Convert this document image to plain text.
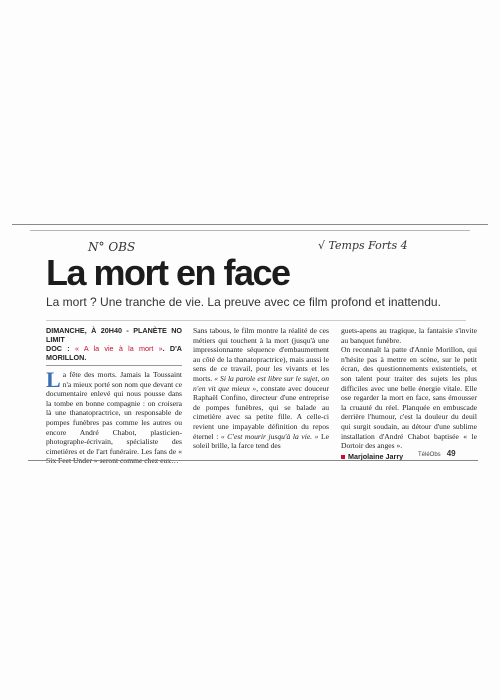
N° OBS	√ Temps Forts 4
La mort en face

La mort ? Une tranche de vie. La preuve avec ce film profond et inattendu.

DIMANCHE, À 20H40 - PLANÈTE NO LIMIT
DOC : « A la vie à la mort ». D'A MORILLON.

La fête des morts. Jamais la Toussaint n'a mieux porté son nom que devant ce documentaire enlevé qui nous pousse dans la tombe en bonne compagnie : on croisera là une thanatopractrice, un responsable de pompes funèbres pas comme les autres ou encore André Chabot, plasticien-photographe-écrivain, spécialiste des cimetières et de l'art funéraire. Les fans de « Six Feet Under » seront comme chez eux…

Sans tabous, le film montre la réalité de ces métiers qui touchent à la mort (jusqu'à une impressionnante séquence d'embaumement au côté de la thanatopractrice), mais aussi le sens de ce travail, pour les vivants et les morts. « Si la parole est libre sur le sujet, on n'en vit que mieux », constate avec douceur Raphaël Confino, directeur d'une entreprise de pompes funèbres, qui se balade au cimetière avec sa petite fille. A celle-ci revient une impayable définition du repos éternel : « C'est mourir jusqu'à la vie. » Le soleil brille, la farce tend des

guets-apens au tragique, la fantaisie s'invite au banquet funèbre.

On reconnaît la patte d'Annie Morillon, qui n'hésite pas à mettre en scène, sur le petit écran, des questionnements existentiels, et son talent pour traiter des sujets les plus difficiles avec une belle énergie vitale. Elle ose regarder la mort en face, sans émousser la cruauté du réel. Planquée en embuscade derrière l'humour, c'est la douleur du deuil qui surgit soudain, au détour d'une sublime installation d'André Chabot baptisée « le Dortoir des anges ».

Marjolaine Jarry	TéléObs 49
